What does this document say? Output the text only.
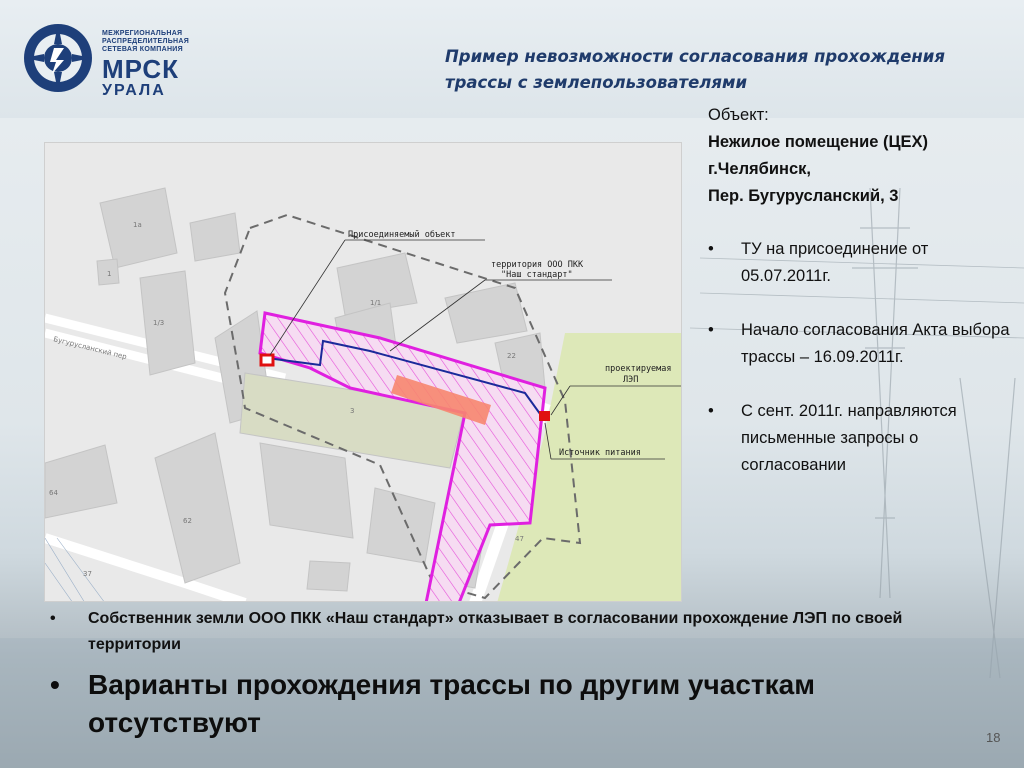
МЕЖРЕГИОНАЛЬНАЯ
РАСПРЕДЕЛИТЕЛЬНАЯ
СЕТЕВАЯ КОМПАНИЯ
МРСК
УРАЛА
Пример невозможности согласования прохождения
трассы с землепользователями
Присоединяемый объект
территория ООО ПКК
"Наш стандарт"
проектируемая
ЛЭП
Источник питания
Бугурусланский пер
1а
1
1/3
1/1
3
22
64
62
47
37

Объект:

Нежилое помещение (ЦЕХ)

г.Челябинск,

Пер. Бугурусланский, 3

•	ТУ на присоединение от 05.07.2011г.
•	Начало согласования Акта выбора трассы – 16.09.2011г.
•	С сент. 2011г. направляются письменные запросы о согласовании
•	Собственник земли ООО ПКК «Наш стандарт» отказывает в согласовании прохождение ЛЭП по своей территории
•	Варианты прохождения трассы по другим участкам отсутствуют	18
